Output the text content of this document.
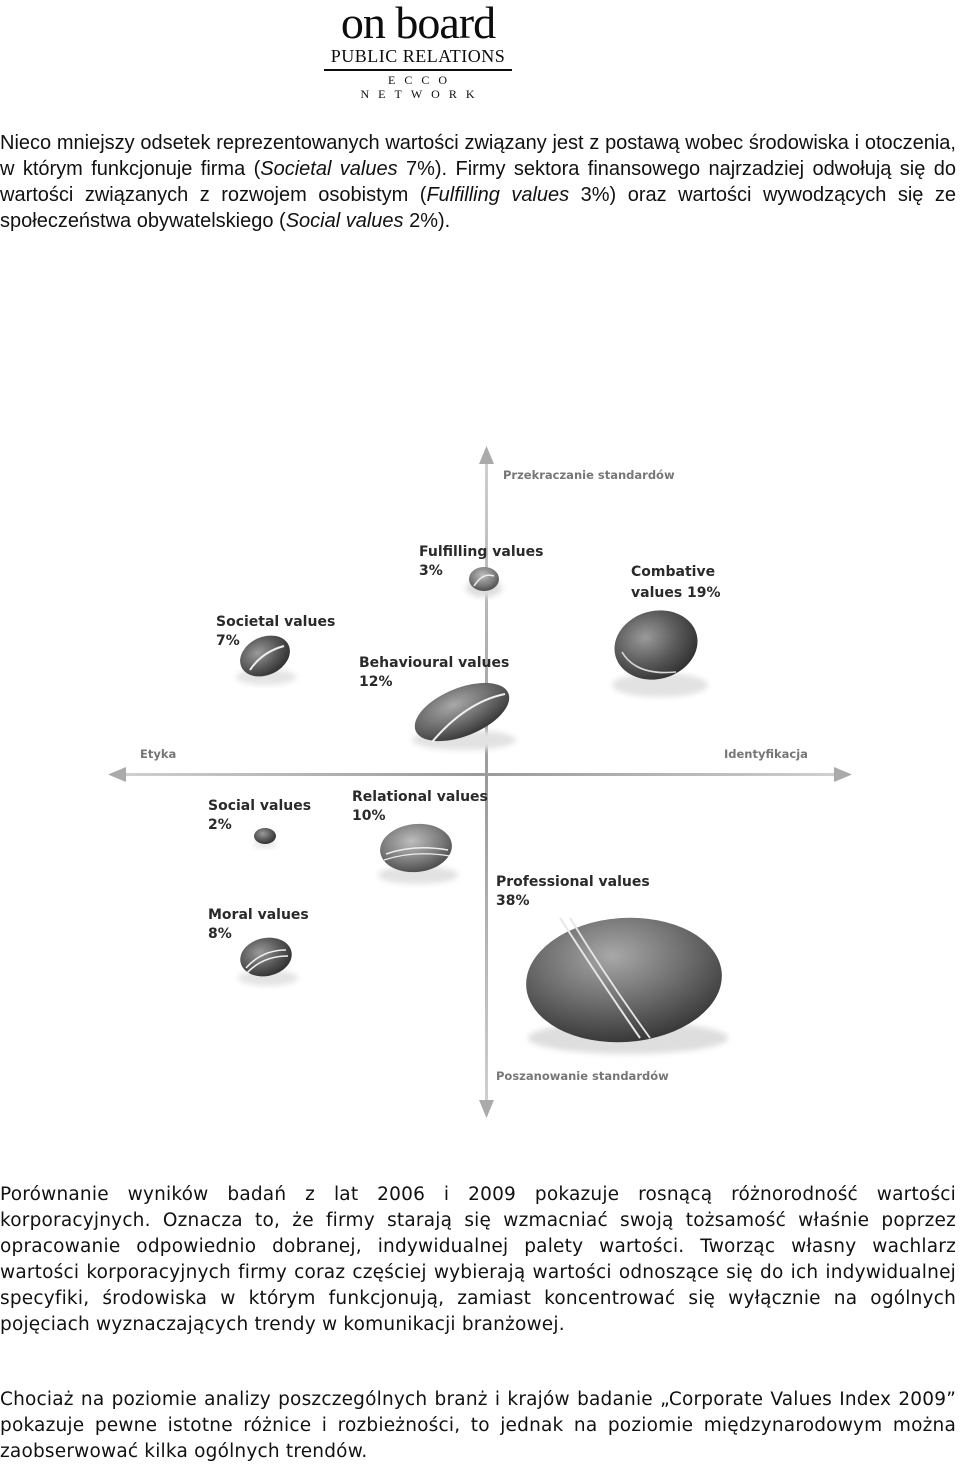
on board
PUBLIC RELATIONS
ECCO NETWORK

Nieco mniejszy odsetek reprezentowanych wartości związany jest z postawą wobec środowiska i otoczenia, w którym funkcjonuje firma (Societal values 7%). Firmy sektora finansowego najrzadziej odwołują się do wartości związanych z rozwojem osobistym (Fulfilling values 3%) oraz wartości wywodzących się ze społeczeństwa obywatelskiego (Social values 2%).

Przekraczanie standardów
Poszanowanie standardów
Etyka	Identyfikacja
Fulfilling values
3%	Combative
values 19%
Societal values
7%
Behavioural values
12%
Social values
2%
Relational values
10%
Professional values
38%
Moral values
8%

Porównanie wyników badań z lat 2006 i 2009 pokazuje rosnącą różnorodność wartości korporacyjnych. Oznacza to, że firmy starają się wzmacniać swoją tożsamość właśnie poprzez opracowanie odpowiednio dobranej, indywidualnej palety wartości. Tworząc własny wachlarz wartości korporacyjnych firmy coraz częściej wybierają wartości odnoszące się do ich indywidualnej specyfiki, środowiska w którym funkcjonują, zamiast koncentrować się wyłącznie na ogólnych pojęciach wyznaczających trendy w komunikacji branżowej.

Chociaż na poziomie analizy poszczególnych branż i krajów badanie „Corporate Values Index 2009” pokazuje pewne istotne różnice i rozbieżności, to jednak na poziomie międzynarodowym można zaobserwować kilka ogólnych trendów.
